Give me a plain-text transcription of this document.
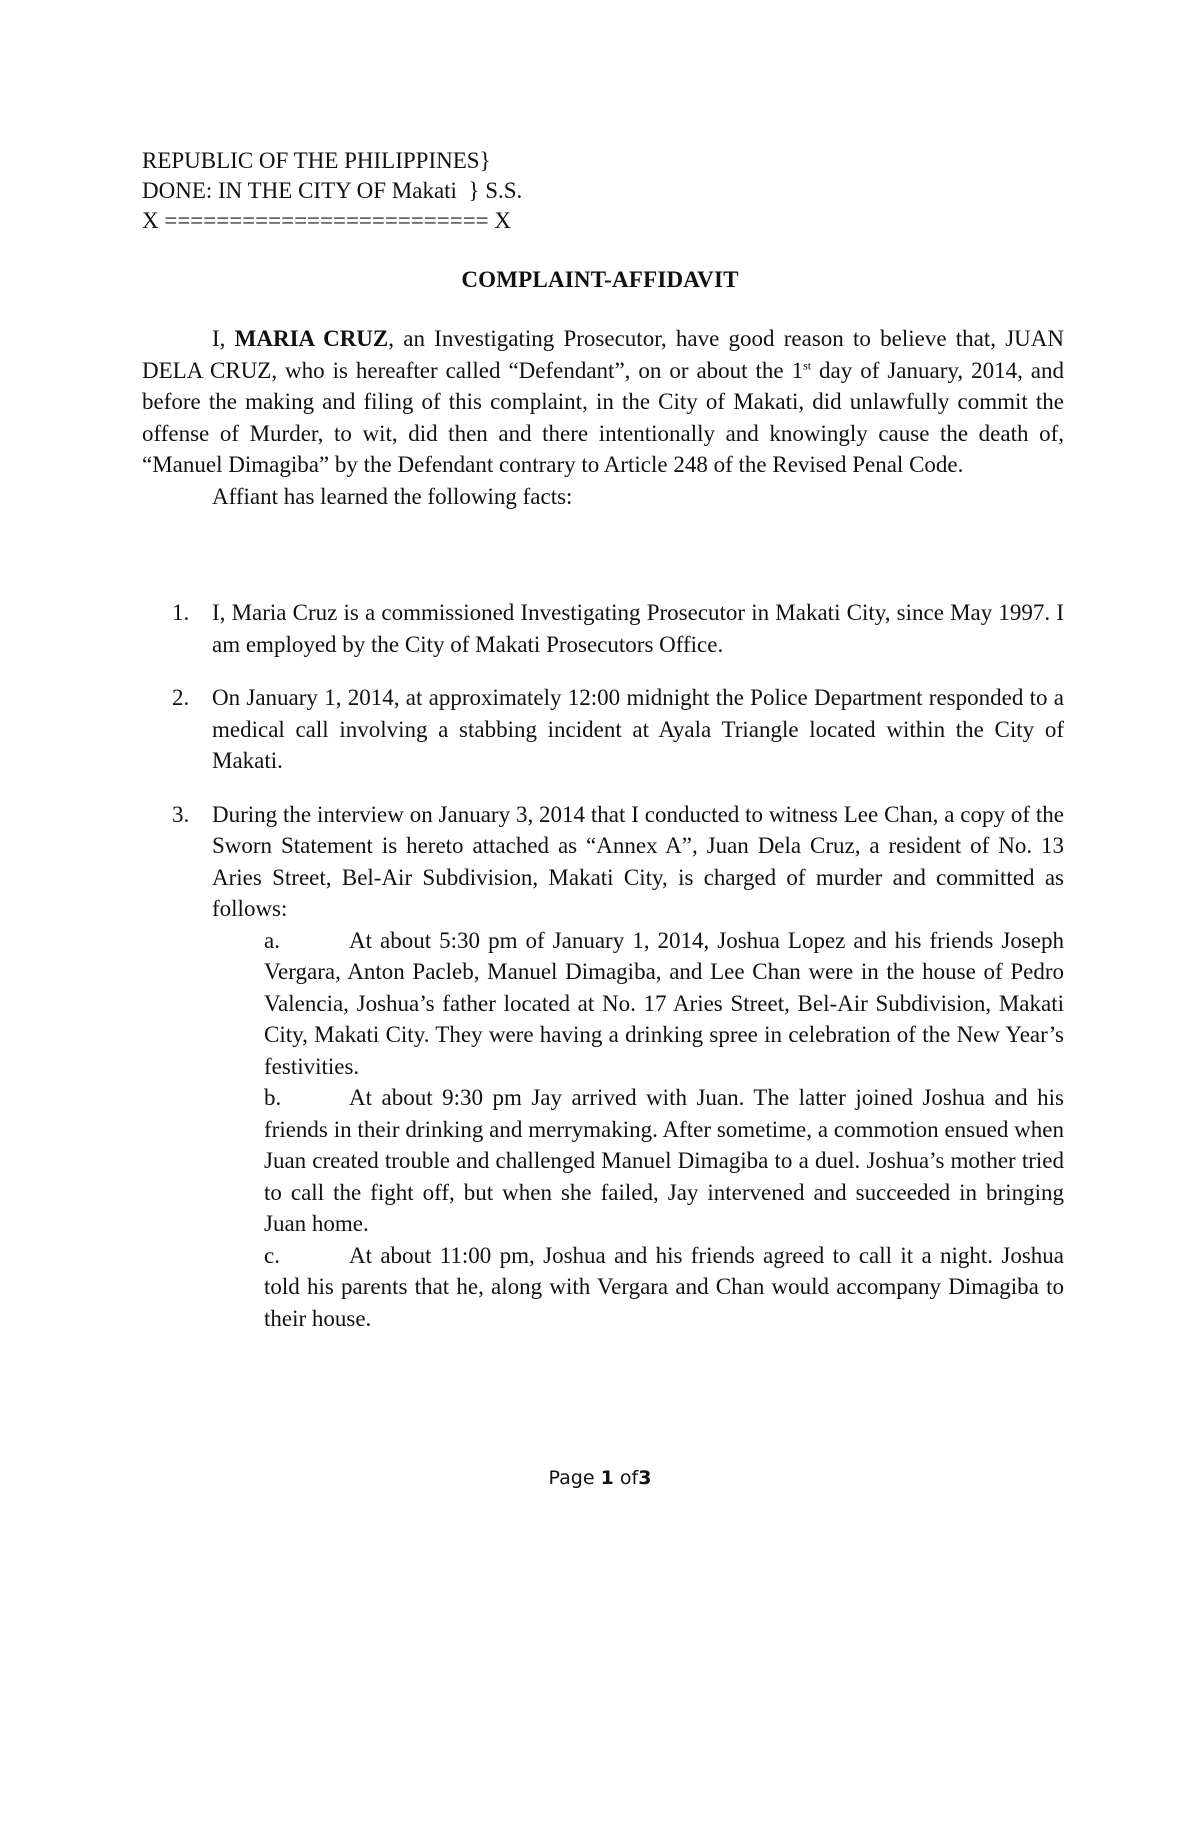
REPUBLIC OF THE PHILIPPINES}
DONE: IN THE CITY OF Makati  } S.S.
X ========================= X
COMPLAINT-AFFIDAVIT

I, MARIA CRUZ, an Investigating Prosecutor, have good reason to believe that, JUAN DELA CRUZ, who is hereafter called “Defendant”, on or about the 1st day of January, 2014, and before the making and filing of this complaint, in the City of Makati, did unlawfully commit the offense of Murder, to wit, did then and there intentionally and knowingly cause the death of, “Manuel Dimagiba” by the Defendant contrary to Article 248 of the Revised Penal Code.

Affiant has learned the following facts:

1. I, Maria Cruz is a commissioned Investigating Prosecutor in Makati City, since May 1997. I am employed by the City of Makati Prosecutors Office.
2. On January 1, 2014, at approximately 12:00 midnight the Police Department responded to a medical call involving a stabbing incident at Ayala Triangle located within the City of Makati.
3. During the interview on January 3, 2014 that I conducted to witness Lee Chan, a copy of the Sworn Statement is hereto attached as “Annex A”, Juan Dela Cruz, a resident of No. 13 Aries Street, Bel-Air Subdivision, Makati City, is charged of murder and committed as follows:
a.	At about 5:30 pm of January 1, 2014, Joshua Lopez and his friends Joseph Vergara, Anton Pacleb, Manuel Dimagiba, and Lee Chan were in the house of Pedro Valencia, Joshua’s father located at No. 17 Aries Street, Bel-Air Subdivision, Makati City, Makati City. They were having a drinking spree in celebration of the New Year’s festivities.
b.	At about 9:30 pm Jay arrived with Juan. The latter joined Joshua and his friends in their drinking and merrymaking. After sometime, a commotion ensued when Juan created trouble and challenged Manuel Dimagiba to a duel. Joshua’s mother tried to call the fight off, but when she failed, Jay intervened and succeeded in bringing Juan home.
c.	At about 11:00 pm, Joshua and his friends agreed to call it a night. Joshua told his parents that he, along with Vergara and Chan would accompany Dimagiba to their house.
Page 1 of3
